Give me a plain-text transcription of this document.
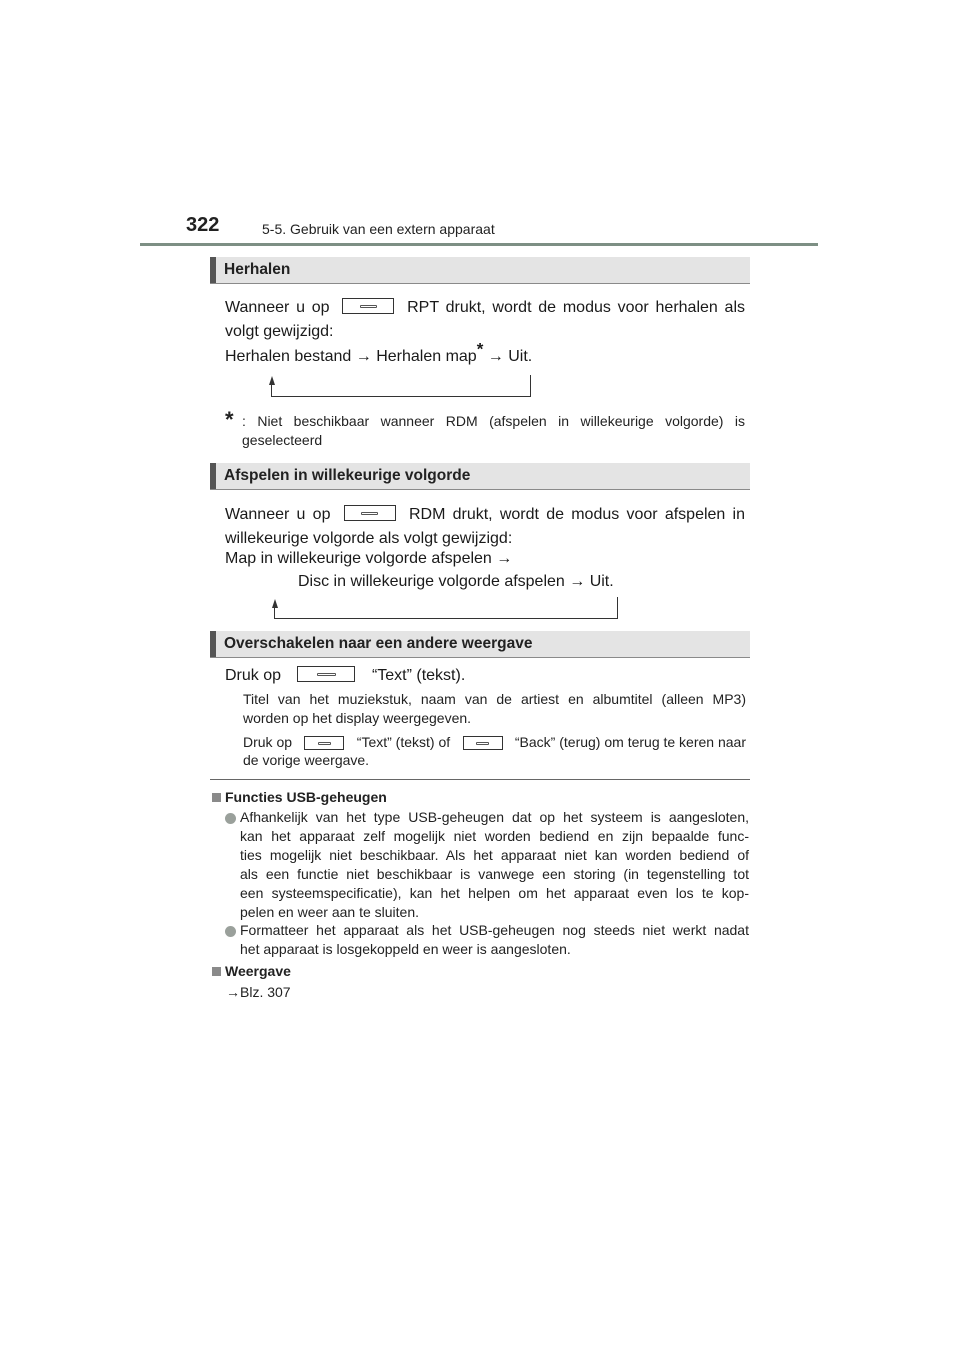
322	5-5. Gebruik van een extern apparaat
Herhalen
Wanneer u op	RPT drukt, wordt de modus voor herhalen als
volgt gewijzigd:
Herhalen bestand → Herhalen map* → Uit.
* : Niet beschikbaar wanneer RDM (afspelen in willekeurige volgorde) is
geselecteerd
Afspelen in willekeurige volgorde
Wanneer u op	RDM drukt, wordt de modus voor afspelen in
willekeurige volgorde als volgt gewijzigd:
Map in willekeurige volgorde afspelen →
Disc in willekeurige volgorde afspelen → Uit.
Overschakelen naar een andere weergave
Druk op	“Text” (tekst).
Titel van het muziekstuk, naam van de artiest en albumtitel (alleen MP3)
worden op het display weergegeven.
Druk op	“Text” (tekst) of	“Back” (terug) om terug te keren naar
de vorige weergave.
Functies USB-geheugen
Afhankelijk van het type USB-geheugen dat op het systeem is aangesloten,
kan het apparaat zelf mogelijk niet worden bediend en zijn bepaalde func-
ties mogelijk niet beschikbaar. Als het apparaat niet kan worden bediend of
als een functie niet beschikbaar is vanwege een storing (in tegenstelling tot
een systeemspecificatie), kan het helpen om het apparaat even los te kop-
pelen en weer aan te sluiten.
Formatteer het apparaat als het USB-geheugen nog steeds niet werkt nadat
het apparaat is losgekoppeld en weer is aangesloten.
Weergave
→Blz. 307
